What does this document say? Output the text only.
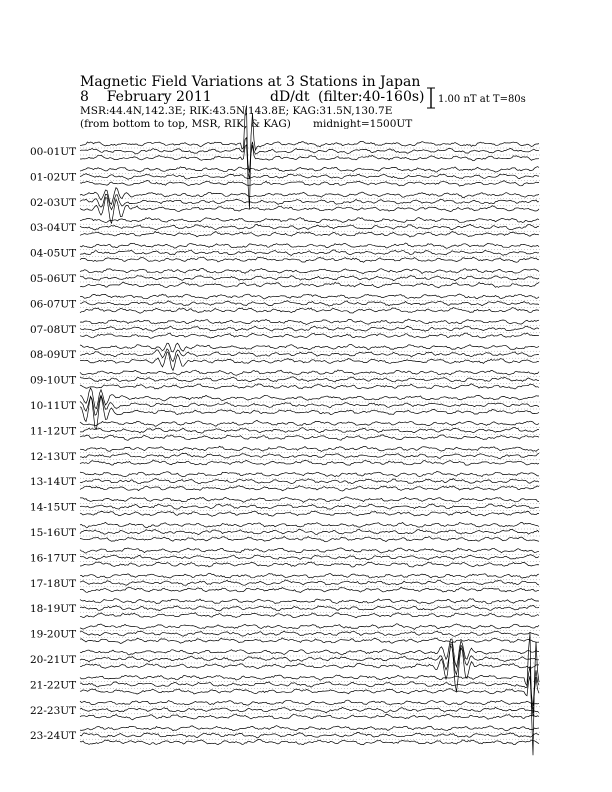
Magnetic Field Variations at 3 Stations in Japan
8    February 2011	dD/dt (filter:40-160s)
MSR:44.4N,142.3E; RIK:43.5N,143.8E; KAG:31.5N,130.7E
(from bottom to top, MSR, RIK, & KAG) midnight=1500UT
1.00 nT at T=80s
00-01UT
01-02UT
02-03UT
03-04UT
04-05UT
05-06UT
06-07UT
07-08UT
08-09UT
09-10UT
10-11UT
11-12UT
12-13UT
13-14UT
14-15UT
15-16UT
16-17UT
17-18UT
18-19UT
19-20UT
20-21UT
21-22UT
22-23UT
23-24UT
